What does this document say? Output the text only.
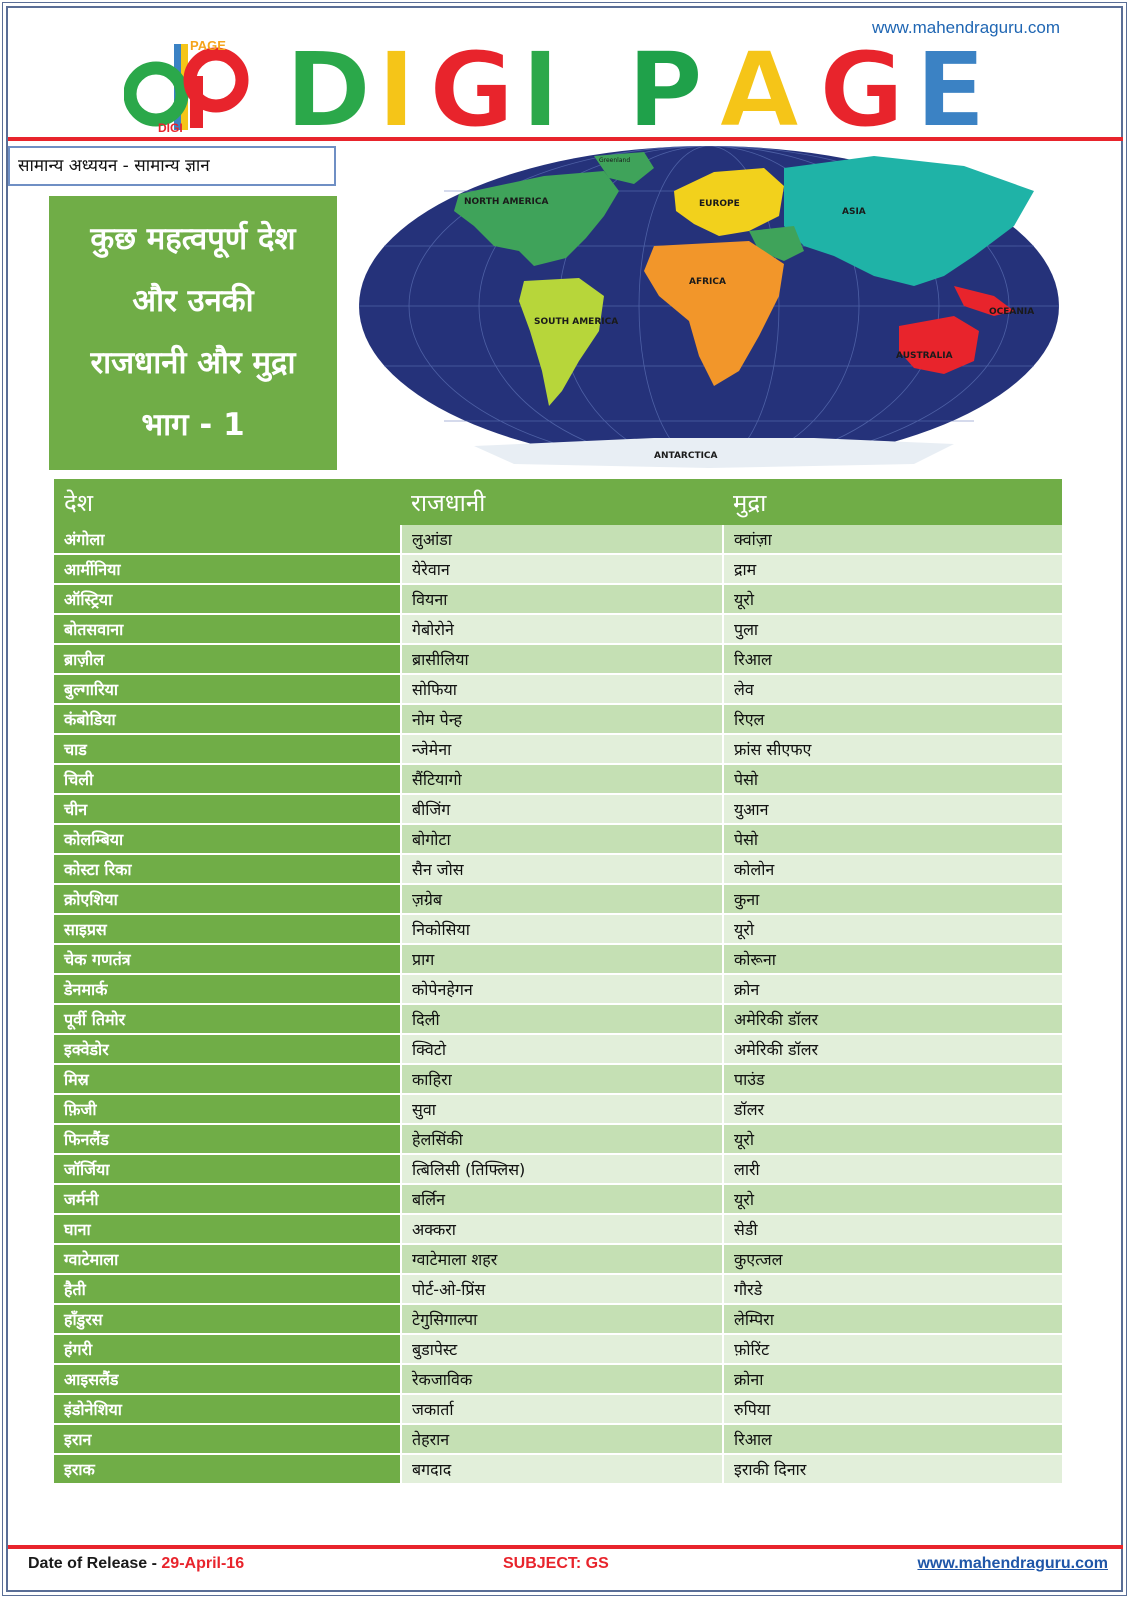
www.mahendraguru.com
PAGE
DIGI D I G I P A G E
सामान्य अध्ययन - सामान्य ज्ञान
कुछ महत्वपूर्ण देश
और उनकी
राजधानी और मुद्रा
भाग - 1
NORTH AMERICA
SOUTH AMERICA
EUROPE
ASIA
AFRICA
AUSTRALIA
OCEANIA
ANTARCTICA
Greenland
देश	राजधानी	मुद्रा
अंगोला	लुआंडा	क्वांज़ा
आर्मीनिया	येरेवान	द्राम
ऑस्ट्रिया	वियना	यूरो
बोतसवाना	गेबोरोने	पुला
ब्राज़ील	ब्रासीलिया	रिआल
बुल्गारिया	सोफिया	लेव
कंबोडिया	नोम पेन्ह	रिएल
चाड	न्जेमेना	फ्रांस सीएफए
चिली	सैंटियागो	पेसो
चीन	बीजिंग	युआन
कोलम्बिया	बोगोटा	पेसो
कोस्टा रिका	सैन जोस	कोलोन
क्रोएशिया	ज़ग्रेब	कुना
साइप्रस	निकोसिया	यूरो
चेक गणतंत्र	प्राग	कोरूना
डेनमार्क	कोपेनहेगन	क्रोन
पूर्वी तिमोर	दिली	अमेरिकी डॉलर
इक्वेडोर	क्विटो	अमेरिकी डॉलर
मिस्र	काहिरा	पाउंड
फ़िजी	सुवा	डॉलर
फिनलैंड	हेलसिंकी	यूरो
जॉर्जिया	त्बिलिसी (तिफ्लिस)	लारी
जर्मनी	बर्लिन	यूरो
घाना	अक्करा	सेडी
ग्वाटेमाला	ग्वाटेमाला शहर	कुएत्जल
हैती	पोर्ट-ओ-प्रिंस	गौरडे
हॉंडुरस	टेगुसिगाल्पा	लेम्पिरा
हंगरी	बुडापेस्ट	फ़ोरिंट
आइसलैंड	रेकजाविक	क्रोना
इंडोनेशिया	जकार्ता	रुपिया
इरान	तेहरान	रिआल
इराक	बगदाद	इराकी दिनार
Date of Release - 29-April-16	SUBJECT: GS	www.mahendraguru.com
